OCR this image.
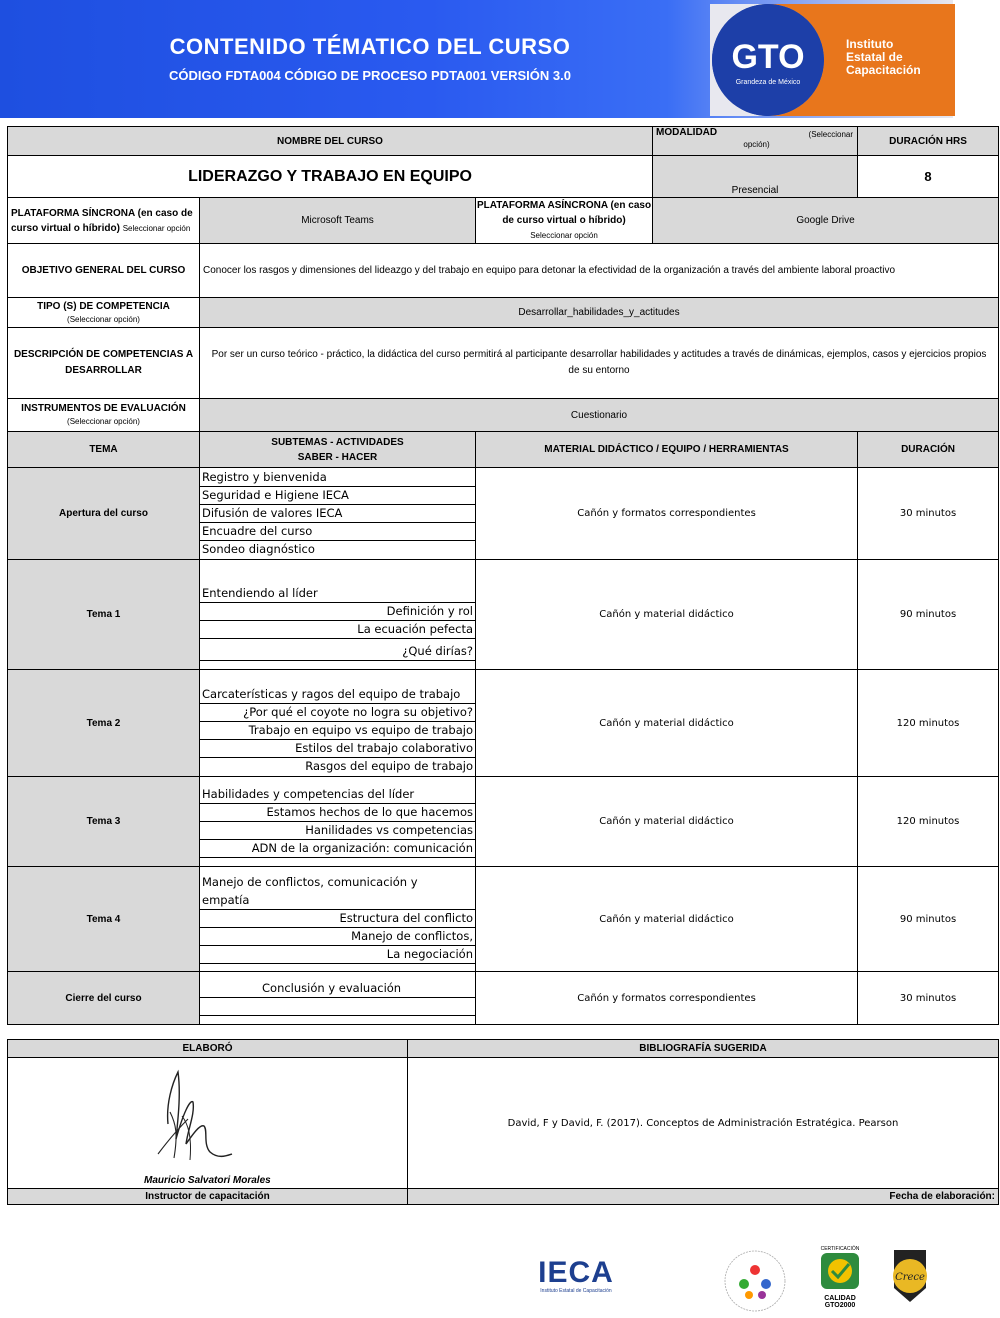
CONTENIDO TÉMATICO DEL CURSO
CÓDIGO FDTA004 CÓDIGO DE PROCESO PDTA001 VERSIÓN 3.0	GTO
Grandeza de México
Instituto
Estatal de
Capacitación
NOMBRE DEL CURSO			MODALIDAD (Seleccionar
opción)	DURACIÓN HRS
LIDERAZGO Y TRABAJO EN EQUIPO			Presencial	8
PLATAFORMA SÍNCRONA (en caso de curso virtual o híbrido) Seleccionar opción	Microsoft Teams	PLATAFORMA ASÍNCRONA (en caso de curso virtual o híbrido)
Seleccionar opción	Google Drive	
OBJETIVO GENERAL DEL CURSO	Conocer los rasgos y dimensiones del lideazgo y del trabajo en equipo para detonar la efectividad de la organización a través del ambiente laboral proactivo			

TIPO (S) DE COMPETENCIA
(Seleccionar opción)	Desarrollar_habilidades_y_actitudes			
DESCRIPCIÓN DE COMPETENCIAS A DESARROLLAR	Por ser un curso teórico - práctico, la didáctica del curso permitirá al participante desarrollar habilidades y actitudes a través de dinámicas, ejemplos, casos y ejercicios propios de su entorno			

INSTRUMENTOS DE EVALUACIÓN
(Seleccionar opción)	Cuestionario			
TEMA	SUBTEMAS - ACTIVIDADES
SABER - HACER	MATERIAL DIDÁCTICO / EQUIPO / HERRAMIENTAS		DURACIÓN
Apertura del curso	Registro y bienvenida
Seguridad e Higiene IECA
Difusión de valores IECA
Encuadre del curso
Sondeo diagnóstico	Cañón y formatos correspondientes		30 minutos
Tema 1	Entendiendo al líder
Definición y rol
La ecuación pefecta
¿Qué dirías?	Cañón y material didáctico		90 minutos
Tema 2	Carcaterísticas y ragos del equipo de trabajo
¿Por qué el coyote no logra su objetivo?
Trabajo en equipo vs equipo de trabajo
Estilos del trabajo colaborativo
Rasgos del equipo de trabajo	Cañón y material didáctico		120 minutos
Tema 3	Habilidades y competencias del líder
Estamos hechos de lo que hacemos
Hanilidades vs competencias
ADN de la organización: comunicación	Cañón y material didáctico		120 minutos
Tema 4	Manejo de conflictos, comunicación y
empatía
Estructura del conflicto
Manejo de conflictos,
La negociación	Cañón y material didáctico		90 minutos
Cierre del curso	Conclusión y evaluación	Cañón y formatos correspondientes		30 minutos
ELABORÓ	BIBLIOGRAFÍA SUGERIDA

Mauricio Salvatori Morales	David, F y David, F. (2017). Conceptos de Administración Estratégica. Pearson
Instructor de capacitación	Fecha de elaboración:
IECA
Instituto Estatal de Capacitación
CERTIFICACIÓN
CALIDAD
GTO2000
Crece
